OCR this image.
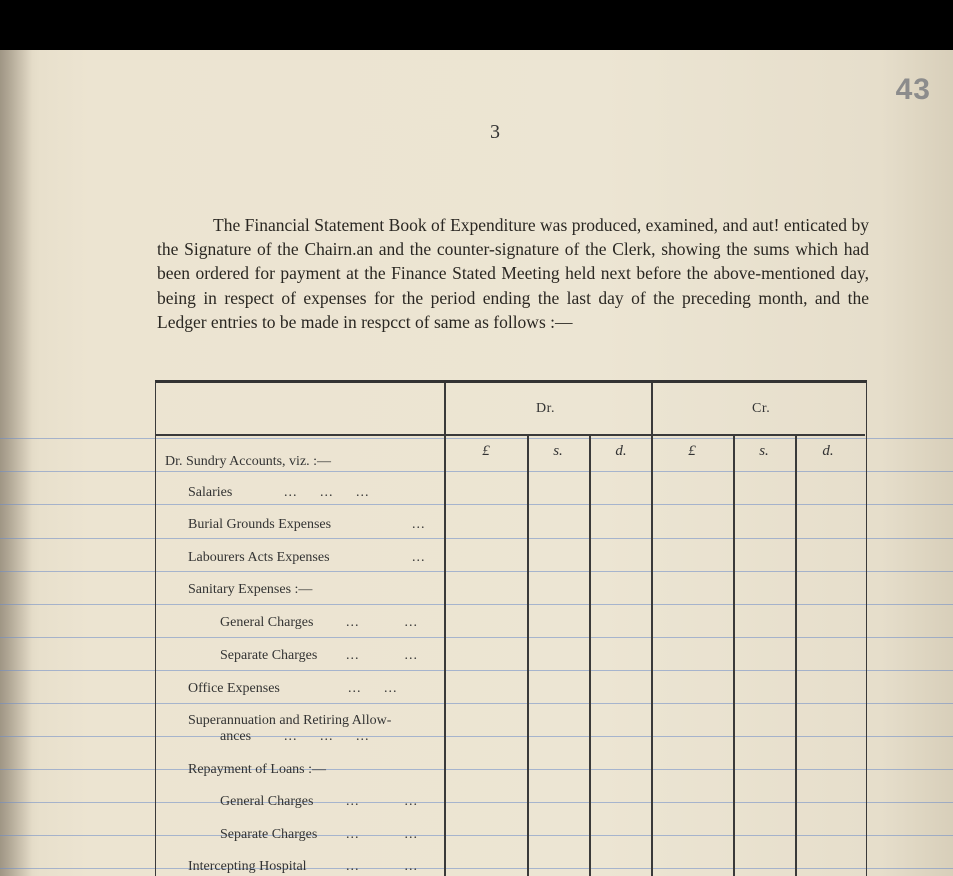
43
3
The Financial Statement Book of Expenditure was produced, examined, and aut! enticated by the Signature of the Chairn.an and the counter-signature of the Clerk, showing the sums which had been ordered for payment at the Finance Stated Meeting held next before the above-mentioned day, being in respect of expenses for the period ending the last day of the preceding month, and the Ledger entries to be made in respcct of same as follows :—
Dr.	Cr.
£	s.	d.	£	s.	d.
Dr. Sundry Accounts, viz. :—
Salaries	...     ...     ...
Burial Grounds Expenses	...
Labourers Acts Expenses	...
Sanitary Expenses :—
General Charges ...          ...
Separate Charges ...          ...
Office Expenses	...     ...
Superannuation and Retiring Allow-
ances ...     ...     ...
Repayment of Loans :—
General Charges ...          ...
Separate Charges ...          ...
Intercepting Hospital	...          ...
